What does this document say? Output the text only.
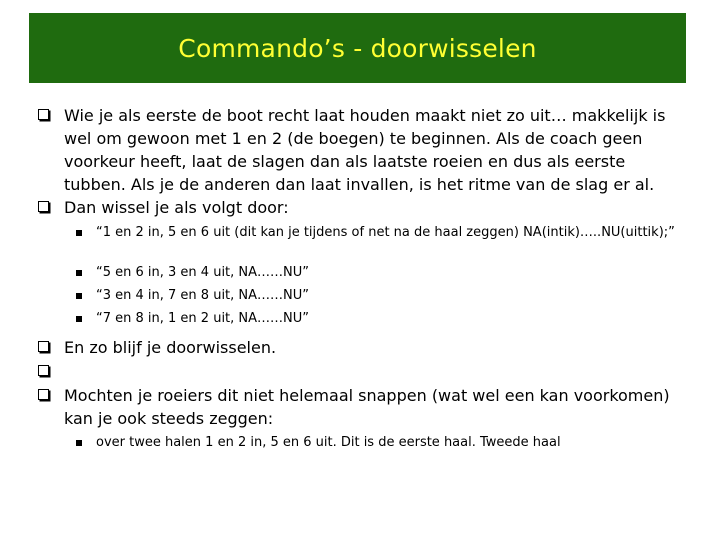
Commando’s - doorwisselen
Wie je als eerste de boot recht laat houden maakt niet zo uit… makkelijk is wel om gewoon met 1 en 2 (de boegen) te beginnen. Als de coach geen voorkeur heeft, laat de slagen dan als laatste roeien en dus als eerste tubben. Als je de anderen dan laat invallen, is het ritme van de slag er al.
Dan wissel je als volgt door:
“1 en 2 in, 5 en 6 uit (dit kan je tijdens of net na de haal zeggen) NA(intik)…..NU(uittik);”
“5 en 6 in, 3 en 4 uit, NA……NU”
“3 en 4 in, 7 en 8 uit, NA……NU”
“7 en 8 in, 1 en 2 uit, NA……NU”
En zo blijf je doorwisselen.
Mochten je roeiers dit niet helemaal snappen (wat wel een kan voorkomen) kan je ook steeds zeggen:
over twee halen 1 en 2 in, 5 en 6 uit. Dit is de eerste haal. Tweede haal
